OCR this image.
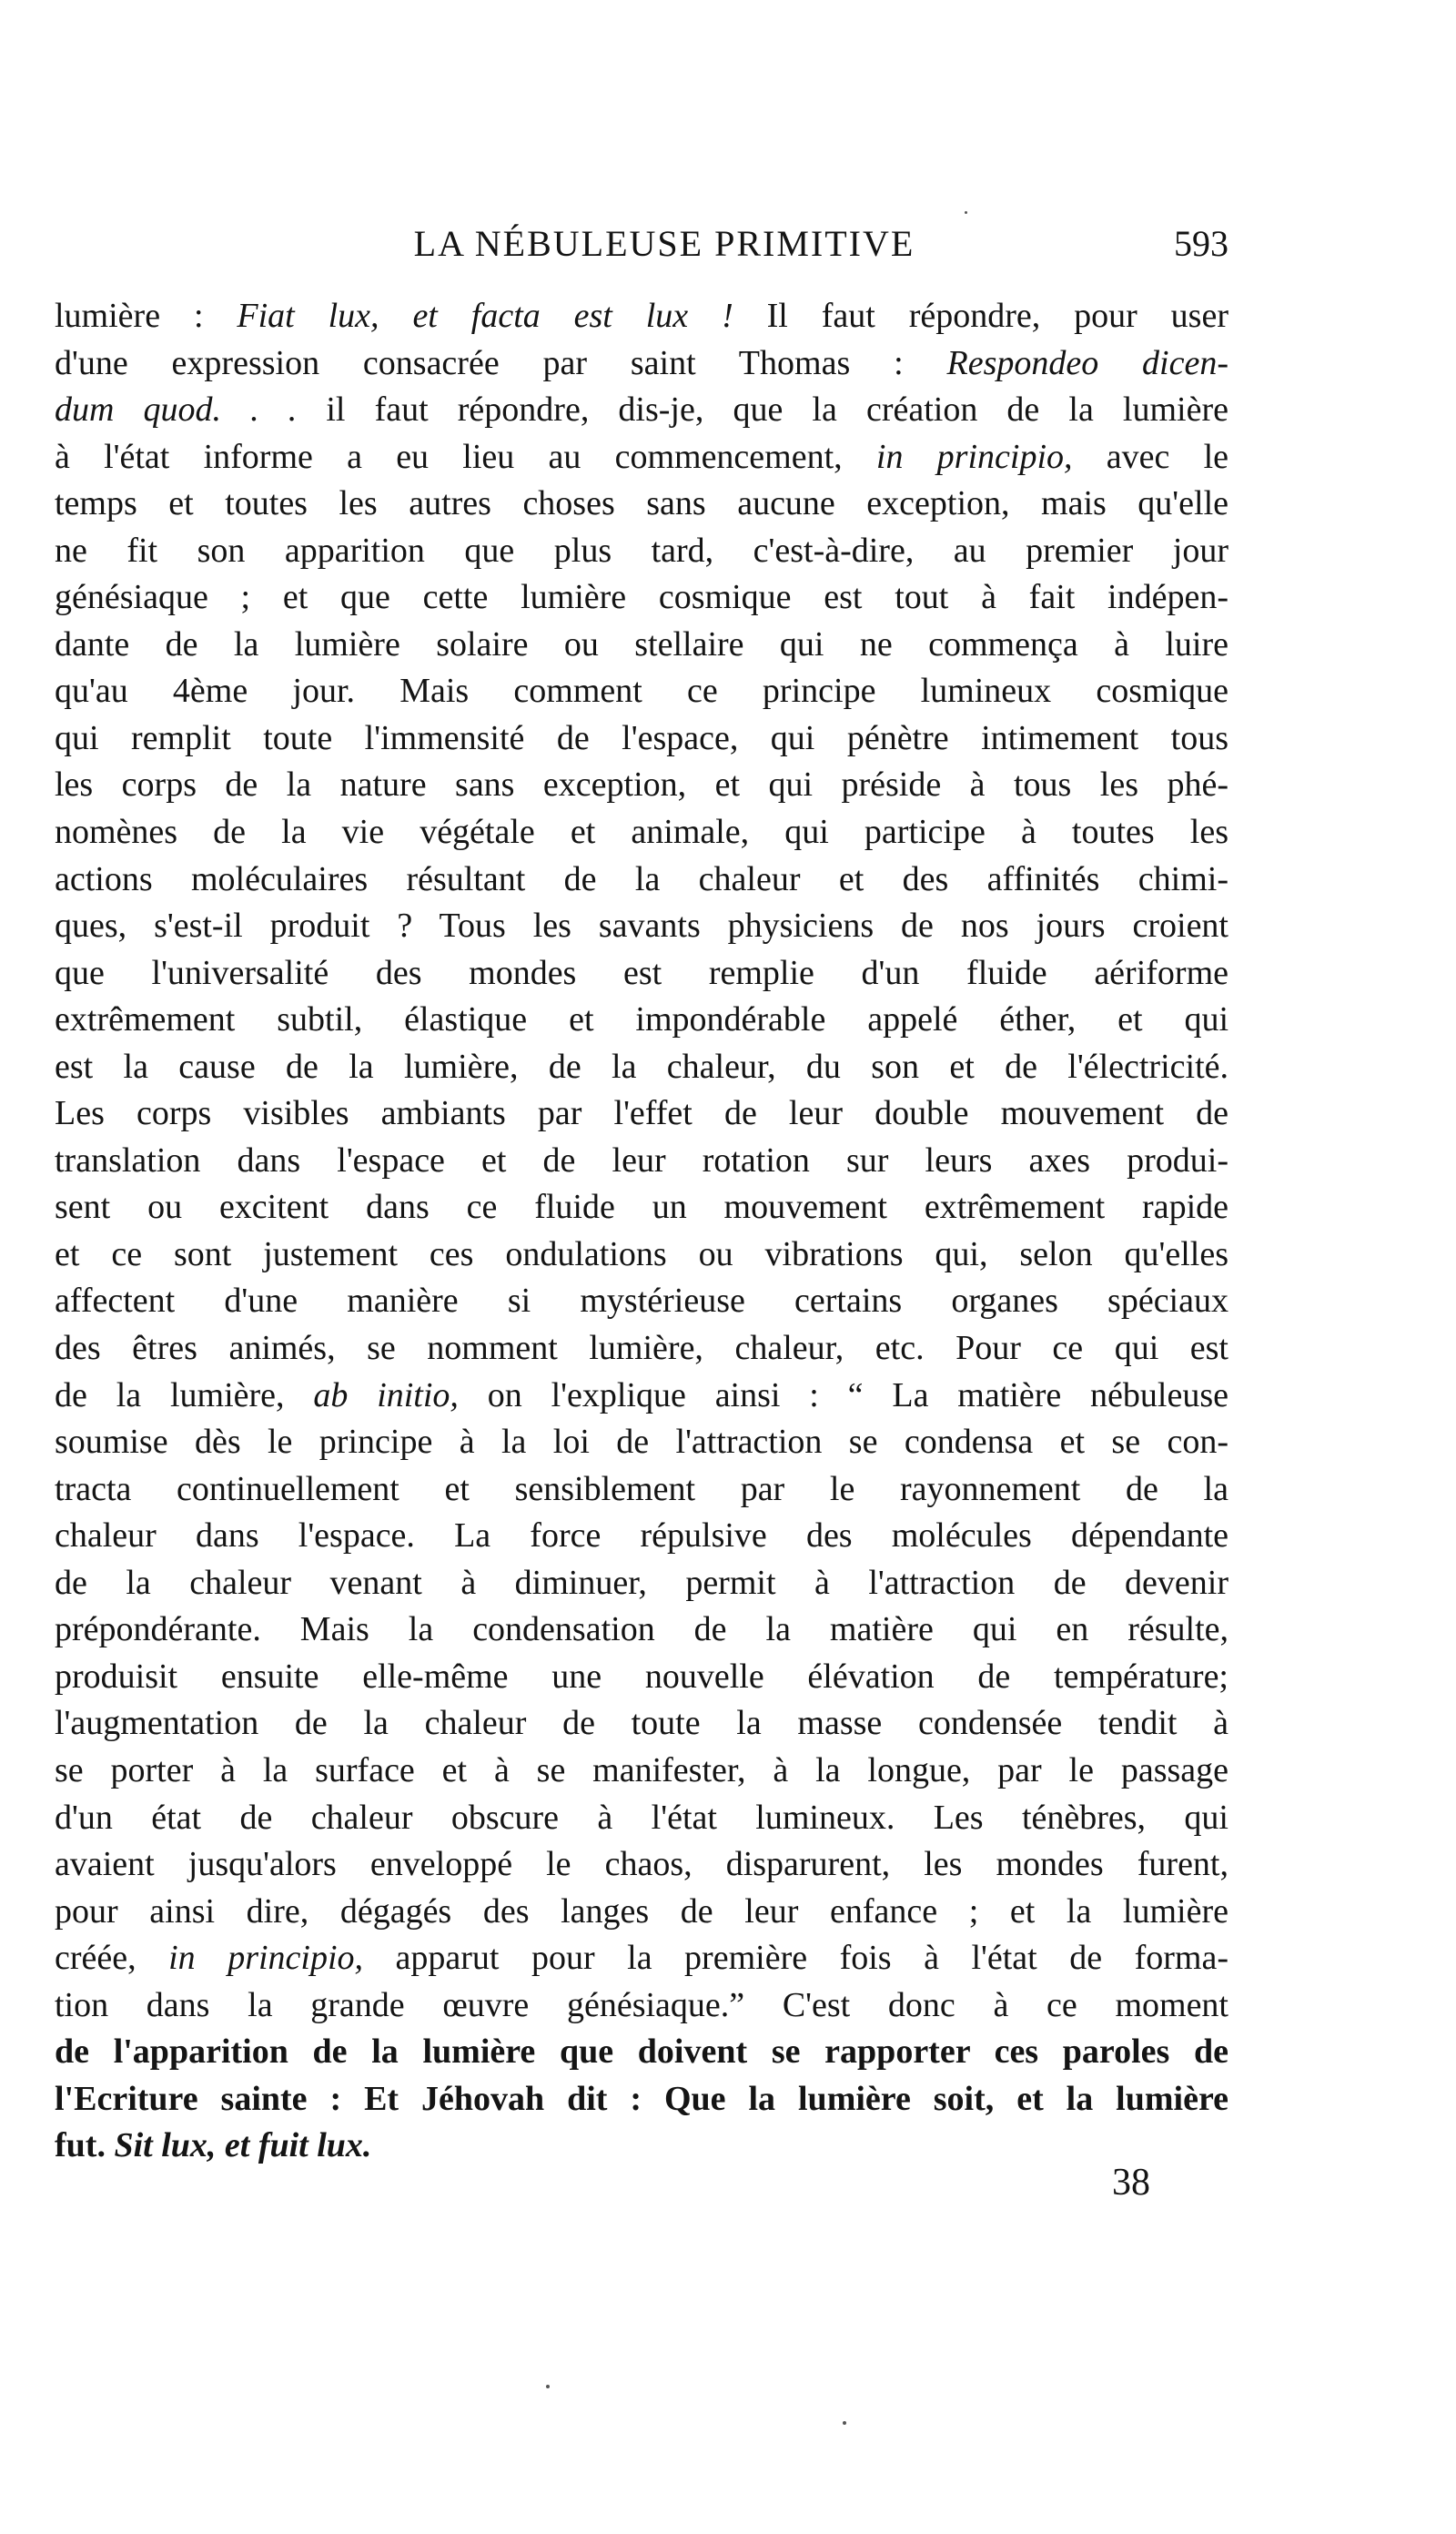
LA NÉBULEUSE PRIMITIVE	593
lumière : Fiat lux, et facta est lux ! Il faut répondre, pour user
d'une expression consacrée par saint Thomas : Respondeo dicen-
dum quod. . . il faut répondre, dis-je, que la création de la lumière
à l'état informe a eu lieu au commencement, in principio, avec le
temps et toutes les autres choses sans aucune exception, mais qu'elle
ne fit son apparition que plus tard, c'est-à-dire, au premier jour
génésiaque ; et que cette lumière cosmique est tout à fait indépen-
dante de la lumière solaire ou stellaire qui ne commença à luire
qu'au 4ème jour. Mais comment ce principe lumineux cosmique
qui remplit toute l'immensité de l'espace, qui pénètre intimement tous
les corps de la nature sans exception, et qui préside à tous les phé-
nomènes de la vie végétale et animale, qui participe à toutes les
actions moléculaires résultant de la chaleur et des affinités chimi-
ques, s'est-il produit ? Tous les savants physiciens de nos jours croient
que l'universalité des mondes est remplie d'un fluide aériforme
extrêmement subtil, élastique et impondérable appelé éther, et qui
est la cause de la lumière, de la chaleur, du son et de l'électricité.
Les corps visibles ambiants par l'effet de leur double mouvement de
translation dans l'espace et de leur rotation sur leurs axes produi-
sent ou excitent dans ce fluide un mouvement extrêmement rapide
et ce sont justement ces ondulations ou vibrations qui, selon qu'elles
affectent d'une manière si mystérieuse certains organes spéciaux
des êtres animés, se nomment lumière, chaleur, etc. Pour ce qui est
de la lumière, ab initio, on l'explique ainsi : “ La matière nébuleuse
soumise dès le principe à la loi de l'attraction se condensa et se con-
tracta continuellement et sensiblement par le rayonnement de la
chaleur dans l'espace. La force répulsive des molécules dépendante
de la chaleur venant à diminuer, permit à l'attraction de devenir
prépondérante. Mais la condensation de la matière qui en résulte,
produisit ensuite elle-même une nouvelle élévation de température;
l'augmentation de la chaleur de toute la masse condensée tendit à
se porter à la surface et à se manifester, à la longue, par le passage
d'un état de chaleur obscure à l'état lumineux. Les ténèbres, qui
avaient jusqu'alors enveloppé le chaos, disparurent, les mondes furent,
pour ainsi dire, dégagés des langes de leur enfance ; et la lumière
créée, in principio, apparut pour la première fois à l'état de forma-
tion dans la grande œuvre génésiaque.” C'est donc à ce moment
de l'apparition de la lumière que doivent se rapporter ces paroles de
l'Ecriture sainte : Et Jéhovah dit : Que la lumière soit, et la lumière
fut. Sit lux, et fuit lux.
38
